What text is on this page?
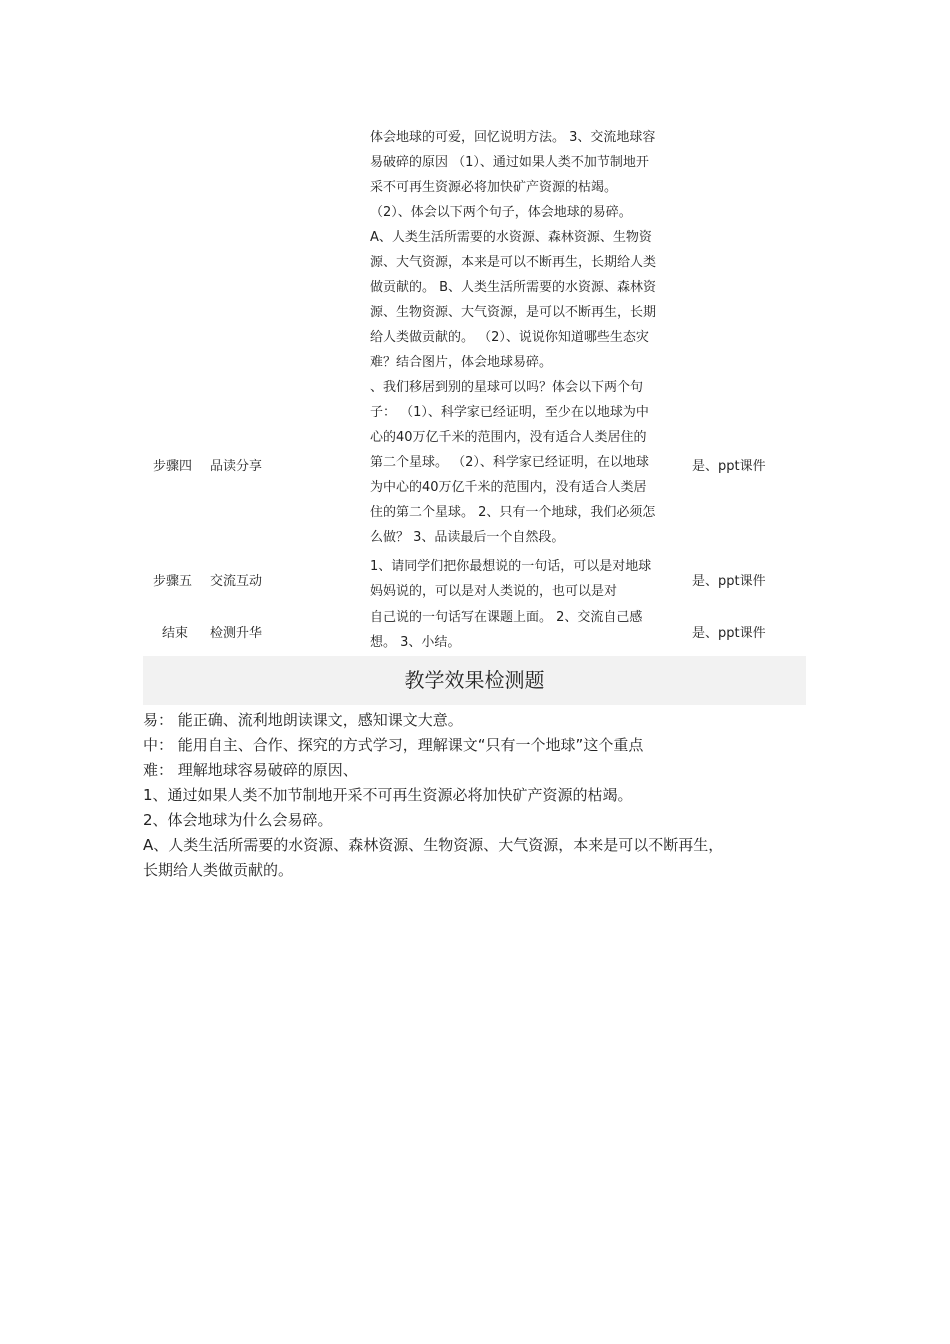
步骤四 品读分享
体会地球的可爱，回忆说明方法。 3、交流地球容
易破碎的原因 （1）、通过如果人类不加节制地开
采不可再生资源必将加快矿产资源的枯竭。
（2）、体会以下两个句子，体会地球的易碎。
A、人类生活所需要的水资源、森林资源、生物资
源、大气资源，本来是可以不断再生，长期给人类
做贡献的。 B、人类生活所需要的水资源、森林资
源、生物资源、大气资源，是可以不断再生，长期
给人类做贡献的。 （2）、说说你知道哪些生态灾
难？结合图片，体会地球易碎。
、我们移居到别的星球可以吗？体会以下两个句
子： （1）、科学家已经证明，至少在以地球为中
心的40万亿千米的范围内，没有适合人类居住的
第二个星球。 （2）、科学家已经证明，在以地球
为中心的40万亿千米的范围内，没有适合人类居
住的第二个星球。 2、只有一个地球，我们必须怎
么做？ 3、品读最后一个自然段。
是、ppt课件
步骤五 交流互动
1、请同学们把你最想说的一句话，可以是对地球
妈妈说的，可以是对人类说的，也可以是对
是、ppt课件
结束 检测升华
自己说的一句话写在课题上面。 2、交流自己感
想。 3、小结。
是、ppt课件
教学效果检测题
易： 能正确、流利地朗读课文，感知课文大意。
中： 能用自主、合作、探究的方式学习，理解课文“只有一个地球”这个重点
难： 理解地球容易破碎的原因、
1、通过如果人类不加节制地开采不可再生资源必将加快矿产资源的枯竭。
2、体会地球为什么会易碎。
A、人类生活所需要的水资源、森林资源、生物资源、大气资源，本来是可以不断再生，
长期给人类做贡献的。
